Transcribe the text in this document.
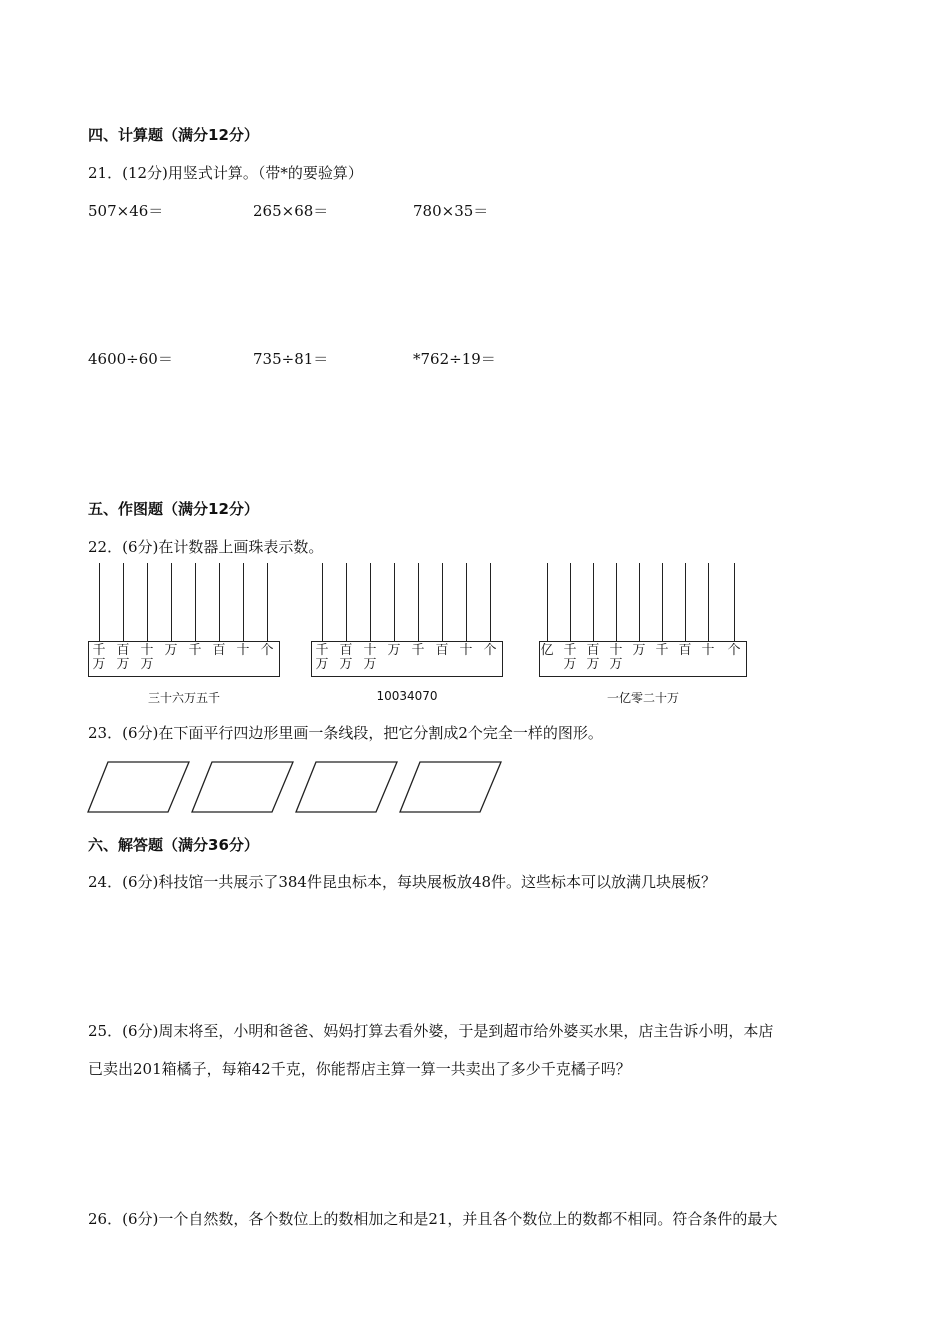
四、计算题（满分12分）
21．(12分)用竖式计算。（带*的要验算）
507×46＝	265×68＝	780×35＝
4600÷60＝	735÷81＝	*762÷19＝
五、作图题（满分12分）
22．(6分)在计数器上画珠表示数。
千
万
百
万
十
万
万 千 百 十 个
三十六万五千
千
万
百
万
十
万
万 千 百 十 个
10034070
亿 千
万
百
万
十
万
万 千 百 十 个
一亿零二十万
23．(6分)在下面平行四边形里画一条线段，把它分割成2个完全一样的图形。
六、解答题（满分36分）
24．(6分)科技馆一共展示了384件昆虫标本，每块展板放48件。这些标本可以放满几块展板？
25．(6分)周末将至，小明和爸爸、妈妈打算去看外婆，于是到超市给外婆买水果，店主告诉小明，本店
已卖出201箱橘子，每箱42千克，你能帮店主算一算一共卖出了多少千克橘子吗？
26．(6分)一个自然数，各个数位上的数相加之和是21，并且各个数位上的数都不相同。符合条件的最大
